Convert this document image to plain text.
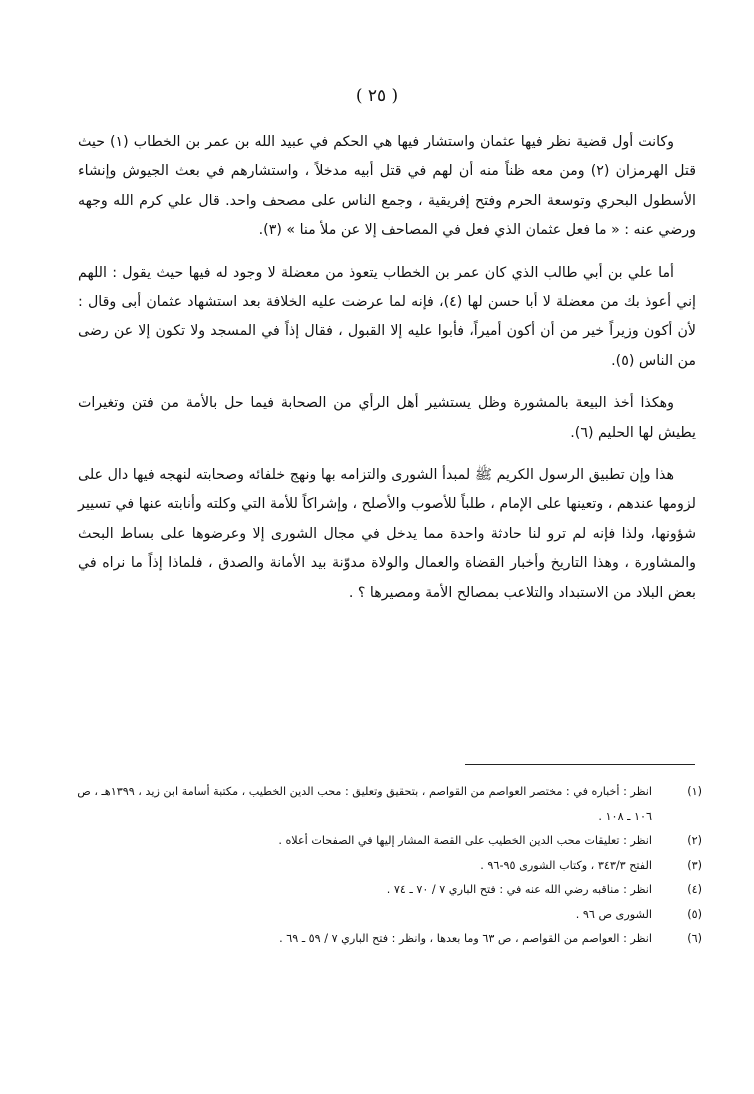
( ٢٥ )

وكانت أول قضية نظر فيها عثمان واستشار فيها هي الحكم في عبيد الله بن عمر بن الخطاب (١) حيث قتل الهرمزان (٢) ومن معه ظناً منه أن لهم في قتل أبيه مدخلاً ، واستشارهم في بعث الجيوش وإنشاء الأسطول البحري وتوسعة الحرم وفتح إفريقية ، وجمع الناس على مصحف واحد. قال علي كرم الله وجهه ورضي عنه : « ما فعل عثمان الذي فعل في المصاحف إلا عن ملأ منا » (٣).

أما علي بن أبي طالب الذي كان عمر بن الخطاب يتعوذ من معضلة لا وجود له فيها حيث يقول : اللهم إني أعوذ بك من معضلة لا أبا حسن لها (٤)، فإنه لما عرضت عليه الخلافة بعد استشهاد عثمان أبى وقال : لأن أكون وزيراً خير من أن أكون أميراً، فأبوا عليه إلا القبول ، فقال إذاً في المسجد ولا تكون إلا عن رضى من الناس (٥).

وهكذا أخذ البيعة بالمشورة وظل يستشير أهل الرأي من الصحابة فيما حل بالأمة من فتن وتغيرات يطيش لها الحليم (٦).

هذا وإن تطبيق الرسول الكريم ﷺ لمبدأ الشورى والتزامه بها ونهج خلفائه وصحابته لنهجه فيها دال على لزومها عندهم ، وتعينها على الإمام ، طلباً للأصوب والأصلح ، وإشراكاً للأمة التي وكلته وأنابته عنها في تسيير شؤونها، ولذا فإنه لم ترو لنا حادثة واحدة مما يدخل في مجال الشورى إلا وعرضوها على بساط البحث والمشاورة ، وهذا التاريخ وأخبار القضاة والعمال والولاة مدوّنة بيد الأمانة والصدق ، فلماذا إذاً ما نراه في بعض البلاد من الاستبداد والتلاعب بمصالح الأمة ومصيرها ؟ .

(١)
انظر : أخباره في : مختصر العواصم من القواصم ، بتحقيق وتعليق : محب الدين الخطيب ، مكتبة أسامة ابن زيد ، ١٣٩٩هـ ، ص ١٠٦ ـ ١٠٨ .
(٢)
انظر : تعليقات محب الدين الخطيب على القصة المشار إليها في الصفحات أعلاه .
(٣)
الفتح ٣٤٣/٣ ، وكتاب الشورى ٩٥-٩٦ .
(٤)
انظر : مناقبه رضي الله عنه في : فتح الباري ٧ / ٧٠ ـ ٧٤ .
(٥)
الشورى ص ٩٦ .
(٦)
انظر : العواصم من القواصم ، ص ٦٣ وما بعدها ، وانظر : فتح الباري ٧ / ٥٩ ـ ٦٩ .
